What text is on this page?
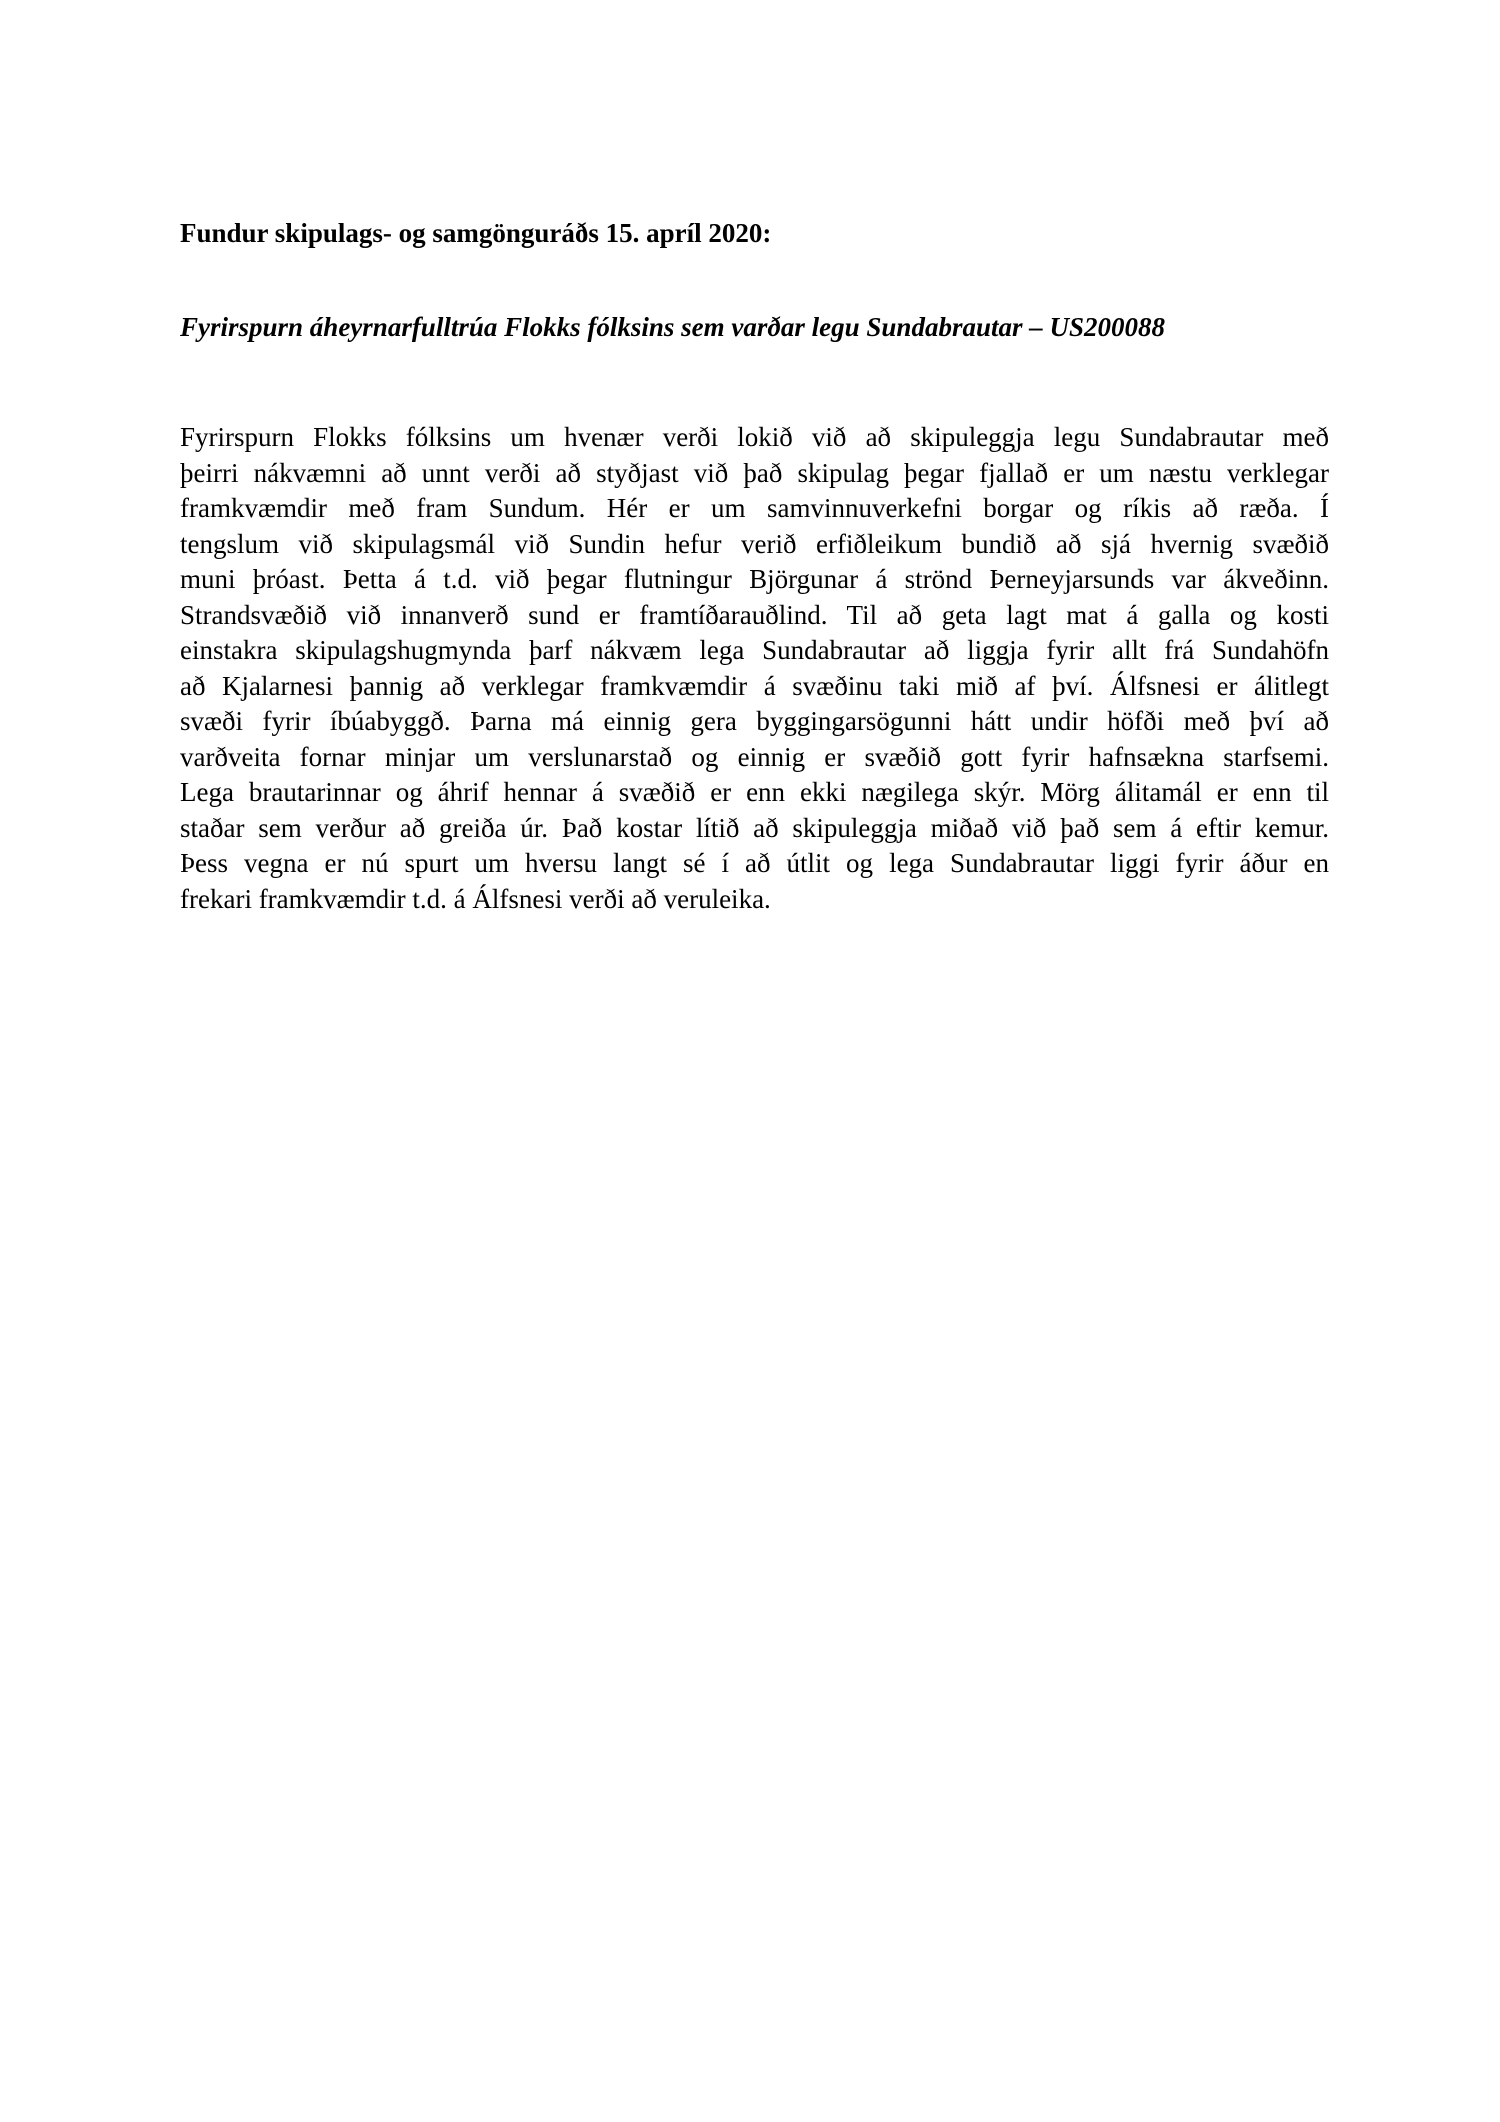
Fundur skipulags- og samgönguráðs 15. apríl 2020:

Fyrirspurn áheyrnarfulltrúa Flokks fólksins sem varðar legu Sundabrautar – US200088

Fyrirspurn Flokks fólksins um hvenær verði lokið við að skipuleggja legu Sundabrautar með
þeirri nákvæmni að unnt verði að styðjast við það skipulag þegar fjallað er um næstu verklegar
framkvæmdir með fram Sundum. Hér er um samvinnuverkefni borgar og ríkis að ræða. Í
tengslum við skipulagsmál við Sundin hefur verið erfiðleikum bundið að sjá hvernig svæðið
muni þróast. Þetta á t.d. við þegar flutningur Björgunar á strönd Þerneyjarsunds var ákveðinn.
Strandsvæðið við innanverð sund er framtíðarauðlind. Til að geta lagt mat á galla og kosti
einstakra skipulagshugmynda þarf nákvæm lega Sundabrautar að liggja fyrir allt frá Sundahöfn
að Kjalarnesi þannig að verklegar framkvæmdir á svæðinu taki mið af því. Álfsnesi er álitlegt
svæði fyrir íbúabyggð. Þarna má einnig gera byggingarsögunni hátt undir höfði með því að
varðveita fornar minjar um verslunarstað og einnig er svæðið gott fyrir hafnsækna starfsemi.
Lega brautarinnar og áhrif hennar á svæðið er enn ekki nægilega skýr. Mörg álitamál er enn til
staðar sem verður að greiða úr. Það kostar lítið að skipuleggja miðað við það sem á eftir kemur.
Þess vegna er nú spurt um hversu langt sé í að útlit og lega Sundabrautar liggi fyrir áður en
frekari framkvæmdir t.d. á Álfsnesi verði að veruleika.
